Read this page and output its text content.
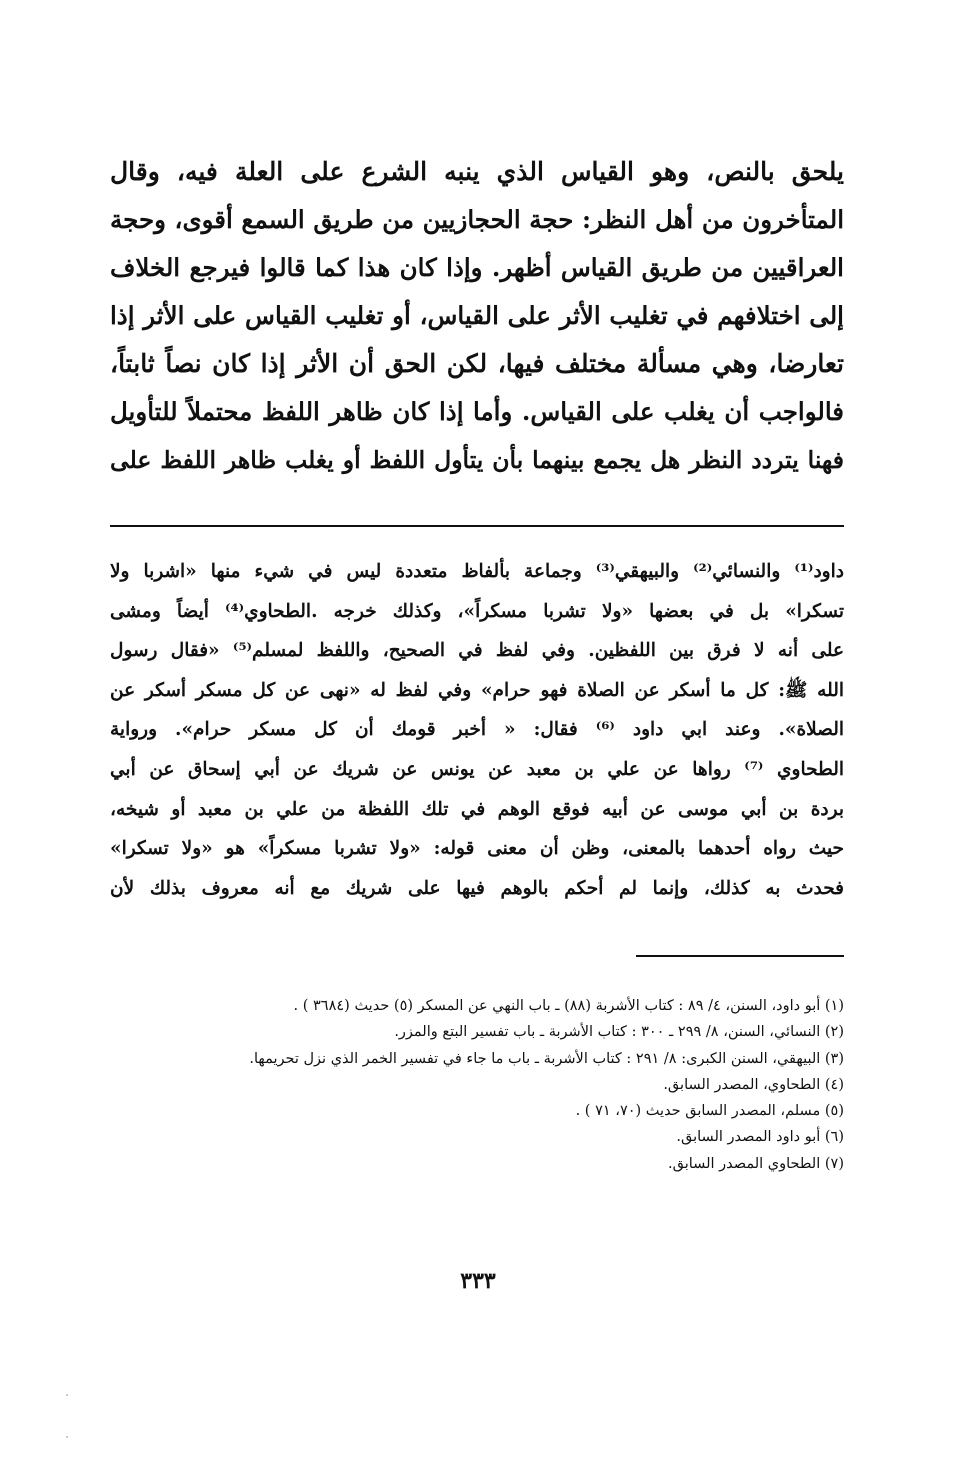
يلحق بالنص، وهو القياس الذي ينبه الشرع على العلة فيه، وقال
المتأخرون من أهل النظر: حجة الحجازيين من طريق السمع أقوى، وحجة
العراقيين من طريق القياس أظهر. وإذا كان هذا كما قالوا فيرجع الخلاف
إلى اختلافهم في تغليب الأثر على القياس، أو تغليب القياس على الأثر إذا
تعارضا، وهي مسألة مختلف فيها، لكن الحق أن الأثر إذا كان نصاً ثابتاً،
فالواجب أن يغلب على القياس. وأما إذا كان ظاهر اللفظ محتملاً للتأويل
فهنا يتردد النظر هل يجمع بينهما بأن يتأول اللفظ أو يغلب ظاهر اللفظ على
داود⁽¹⁾ والنسائي⁽²⁾ والبيهقي⁽³⁾ وجماعة بألفاظ متعددة ليس في شيء منها «اشربا ولا
تسكرا» بل في بعضها «ولا تشربا مسكراً»، وكذلك خرجه .الطحاوي⁽⁴⁾ أيضاً ومشى
على أنه لا فرق بين اللفظين. وفي لفظ في الصحيح، واللفظ لمسلم⁽⁵⁾ «فقال رسول
الله ﷺ: كل ما أسكر عن الصلاة فهو حرام» وفي لفظ له «نهى عن كل مسكر أسكر عن
الصلاة». وعند ابي داود ⁽⁶⁾ فقال: « أخبر قومك أن كل مسكر حرام». ورواية
الطحاوي ⁽⁷⁾ رواها عن علي بن معبد عن يونس عن شريك عن أبي إسحاق عن أبي
بردة بن أبي موسى عن أبيه فوقع الوهم في تلك اللفظة من علي بن معبد أو شيخه،
حيث رواه أحدهما بالمعنى، وظن أن معنى قوله: «ولا تشربا مسكراً» هو «ولا تسكرا»
فحدث به كذلك، وإنما لم أحكم بالوهم فيها على شريك مع أنه معروف بذلك لأن
(١) أبو داود، السنن، ٤/ ٨٩ : كتاب الأشربة (٨٨) ـ باب النهي عن المسكر (٥) حديث (٣٦٨٤ ) .
(٢) النسائي، السنن، ٨/ ٢٩٩ ـ ٣٠٠ : كتاب الأشربة ـ باب تفسير البتع والمزر.
(٣) البيهقي، السنن الكبرى: ٨/ ٢٩١ : كتاب الأشربة ـ باب ما جاء في تفسير الخمر الذي نزل تحريمها.
(٤) الطحاوي، المصدر السابق.
(٥) مسلم، المصدر السابق حديث (٧٠، ٧١ ) .
(٦) أبو داود المصدر السابق.
(٧) الطحاوي المصدر السابق.
٣٣٣
